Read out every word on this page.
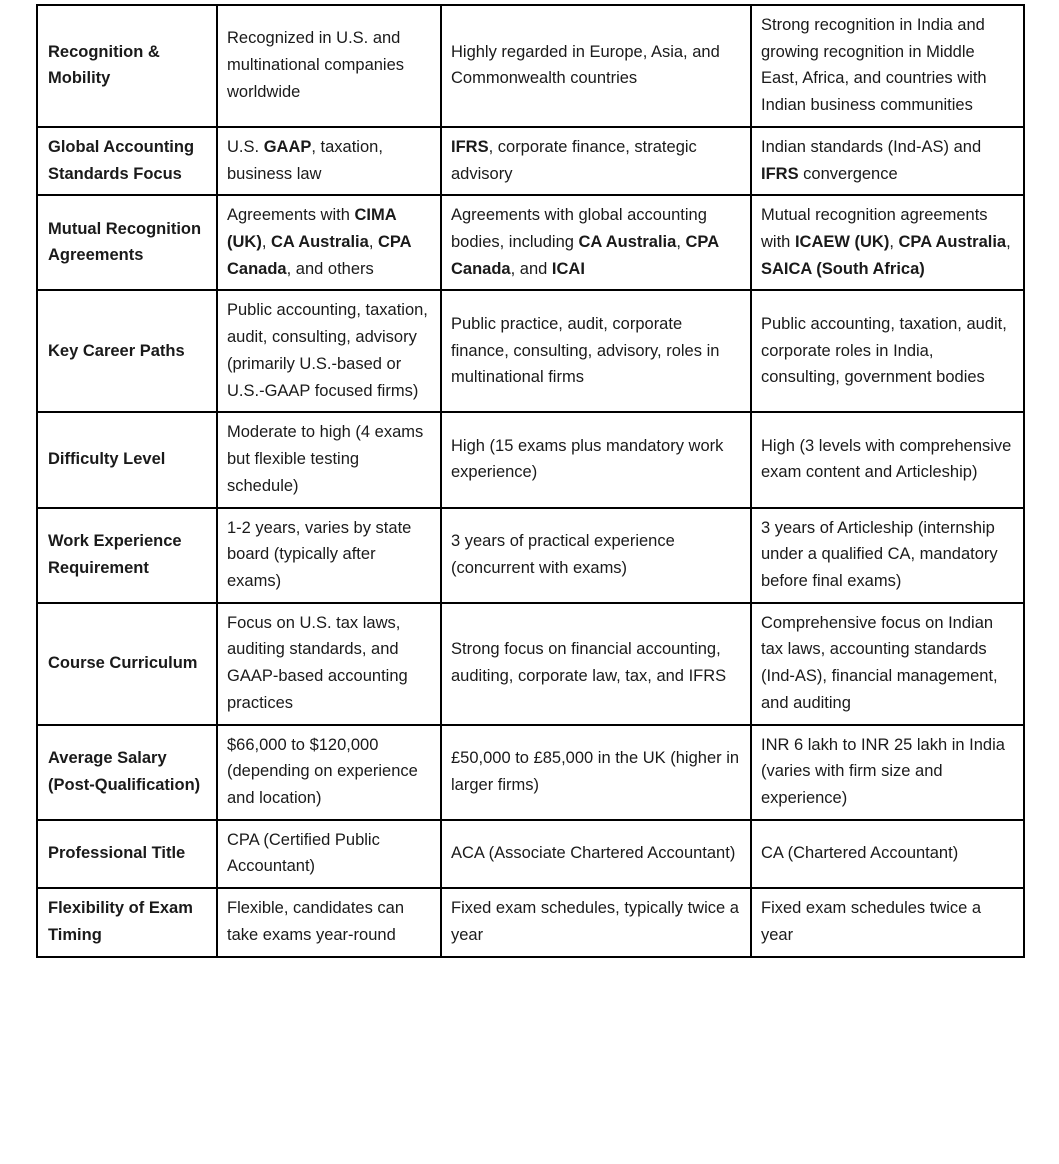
Recognition & Mobility	Recognized in U.S. and multinational companies worldwide	Highly regarded in Europe, Asia, and Commonwealth countries	Strong recognition in India and growing recognition in Middle East, Africa, and countries with Indian business communities
Global Accounting Standards Focus	U.S. GAAP, taxation, business law	IFRS, corporate finance, strategic advisory	Indian standards (Ind-AS) and IFRS convergence
Mutual Recognition Agreements	Agreements with CIMA (UK), CA Australia, CPA Canada, and others	Agreements with global accounting bodies, including CA Australia, CPA Canada, and ICAI	Mutual recognition agreements with ICAEW (UK), CPA Australia, SAICA (South Africa)
Key Career Paths	Public accounting, taxation, audit, consulting, advisory (primarily U.S.-based or U.S.-GAAP focused firms)	Public practice, audit, corporate finance, consulting, advisory, roles in multinational firms	Public accounting, taxation, audit, corporate roles in India, consulting, government bodies
Difficulty Level	Moderate to high (4 exams but flexible testing schedule)	High (15 exams plus mandatory work experience)	High (3 levels with comprehensive exam content and Articleship)
Work Experience Requirement	1-2 years, varies by state board (typically after exams)	3 years of practical experience (concurrent with exams)	3 years of Articleship (internship under a qualified CA, mandatory before final exams)
Course Curriculum	Focus on U.S. tax laws, auditing standards, and GAAP-based accounting practices	Strong focus on financial accounting, auditing, corporate law, tax, and IFRS	Comprehensive focus on Indian tax laws, accounting standards (Ind-AS), financial management, and auditing
Average Salary (Post-Qualification)	$66,000 to $120,000 (depending on experience and location)	£50,000 to £85,000 in the UK (higher in larger firms)	INR 6 lakh to INR 25 lakh in India (varies with firm size and experience)
Professional Title	CPA (Certified Public Accountant)	ACA (Associate Chartered Accountant)	CA (Chartered Accountant)
Flexibility of Exam Timing	Flexible, candidates can take exams year-round	Fixed exam schedules, typically twice a year	Fixed exam schedules twice a year
